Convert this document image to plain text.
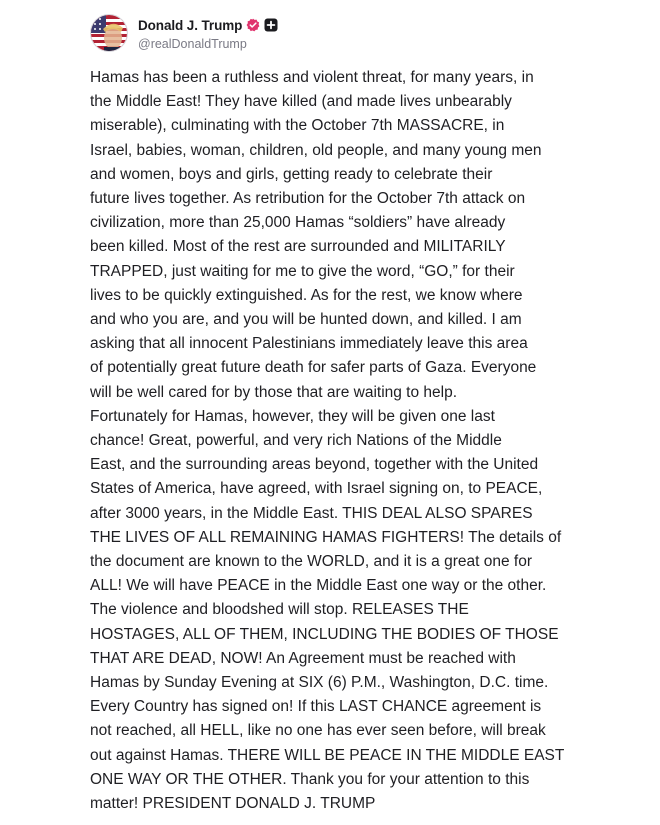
Donald J. Trump
@realDonaldTrump
Hamas has been a ruthless and violent threat, for many years, in
the Middle East! They have killed (and made lives unbearably
miserable), culminating with the October 7th MASSACRE, in
Israel, babies, woman, children, old people, and many young men
and women, boys and girls, getting ready to celebrate their
future lives together. As retribution for the October 7th attack on
civilization, more than 25,000 Hamas “soldiers” have already
been killed. Most of the rest are surrounded and MILITARILY
TRAPPED, just waiting for me to give the word, “GO,” for their
lives to be quickly extinguished. As for the rest, we know where
and who you are, and you will be hunted down, and killed. I am
asking that all innocent Palestinians immediately leave this area
of potentially great future death for safer parts of Gaza. Everyone
will be well cared for by those that are waiting to help.
Fortunately for Hamas, however, they will be given one last
chance! Great, powerful, and very rich Nations of the Middle
East, and the surrounding areas beyond, together with the United
States of America, have agreed, with Israel signing on, to PEACE,
after 3000 years, in the Middle East. THIS DEAL ALSO SPARES
THE LIVES OF ALL REMAINING HAMAS FIGHTERS! The details of
the document are known to the WORLD, and it is a great one for
ALL! We will have PEACE in the Middle East one way or the other.
The violence and bloodshed will stop. RELEASES THE
HOSTAGES, ALL OF THEM, INCLUDING THE BODIES OF THOSE
THAT ARE DEAD, NOW! An Agreement must be reached with
Hamas by Sunday Evening at SIX (6) P.M., Washington, D.C. time.
Every Country has signed on! If this LAST CHANCE agreement is
not reached, all HELL, like no one has ever seen before, will break
out against Hamas. THERE WILL BE PEACE IN THE MIDDLE EAST
ONE WAY OR THE OTHER. Thank you for your attention to this
matter! PRESIDENT DONALD J. TRUMP
